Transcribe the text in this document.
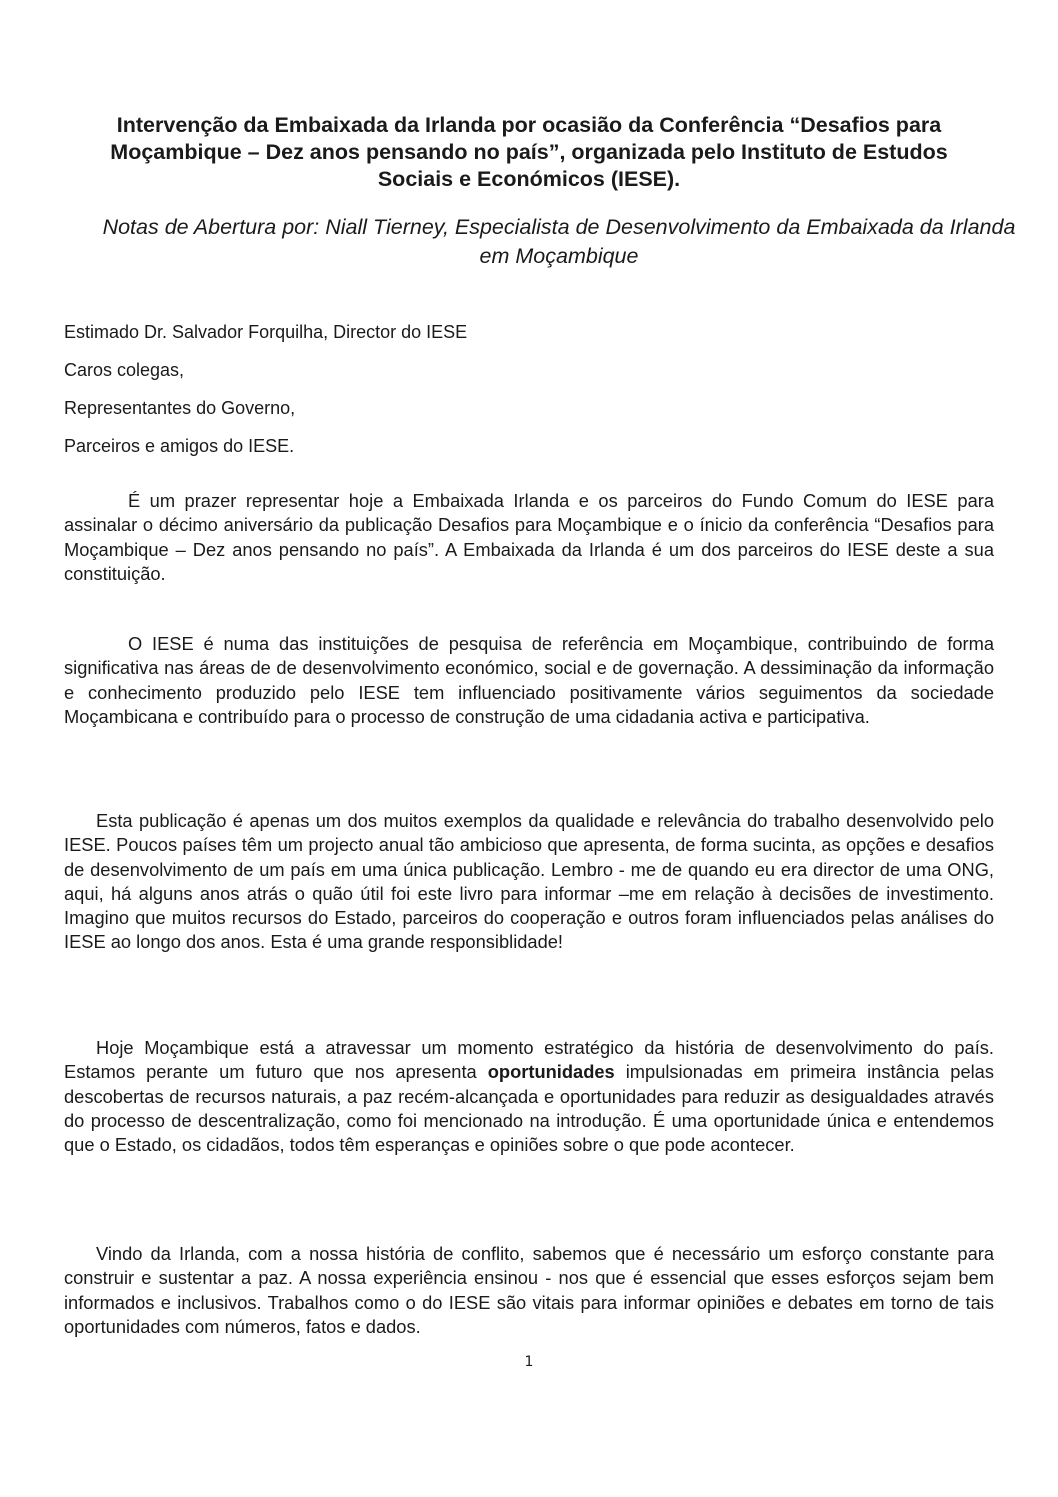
Intervenção da Embaixada da Irlanda por ocasião da Conferência “Desafios para Moçambique – Dez anos pensando no país”, organizada pelo Instituto de Estudos Sociais e Económicos (IESE).
Notas de Abertura por: Niall Tierney, Especialista de Desenvolvimento da Embaixada da Irlanda em Moçambique
Estimado Dr. Salvador Forquilha, Director do IESE
Caros colegas,
Representantes do Governo,
Parceiros e amigos do IESE.
É um prazer representar hoje a Embaixada Irlanda e os parceiros do Fundo Comum do IESE para assinalar o décimo aniversário da publicação Desafios para Moçambique e o ínicio da conferência “Desafios para Moçambique – Dez anos pensando no país”. A Embaixada da Irlanda é um dos parceiros do IESE deste a sua constituição.
O IESE é numa das instituições de pesquisa de referência em Moçambique, contribuindo de forma significativa nas áreas de de desenvolvimento económico, social e de governação. A dessiminação da informação e conhecimento produzido pelo IESE tem influenciado positivamente vários seguimentos da sociedade Moçambicana e contribuído para o processo de construção de uma cidadania activa e participativa.
Esta publicação é apenas um dos muitos exemplos da qualidade e relevância do trabalho desenvolvido pelo IESE. Poucos países têm um projecto anual tão ambicioso que apresenta, de forma sucinta, as opções e desafios de desenvolvimento de um país em uma única publicação. Lembro - me de quando eu era director de uma ONG, aqui, há alguns anos atrás o quão útil foi este livro para informar –me em relação à decisões de investimento. Imagino que muitos recursos do Estado, parceiros do cooperação e outros foram influenciados pelas análises do IESE ao longo dos anos. Esta é uma grande responsiblidade!
Hoje Moçambique está a atravessar um momento estratégico da história de desenvolvimento do país. Estamos perante um futuro que nos apresenta oportunidades impulsionadas em primeira instância pelas descobertas de recursos naturais, a paz recém-alcançada e oportunidades para reduzir as desigualdades através do processo de descentralização, como foi mencionado na introdução. É uma oportunidade única e entendemos que o Estado, os cidadãos, todos têm esperanças e opiniões sobre o que pode acontecer.
Vindo da Irlanda, com a nossa história de conflito, sabemos que é necessário um esforço constante para construir e sustentar a paz. A nossa experiência ensinou - nos que é essencial que esses esforços sejam bem informados e inclusivos. Trabalhos como o do IESE são vitais para informar opiniões e debates em torno de tais oportunidades com números, fatos e dados.
1
